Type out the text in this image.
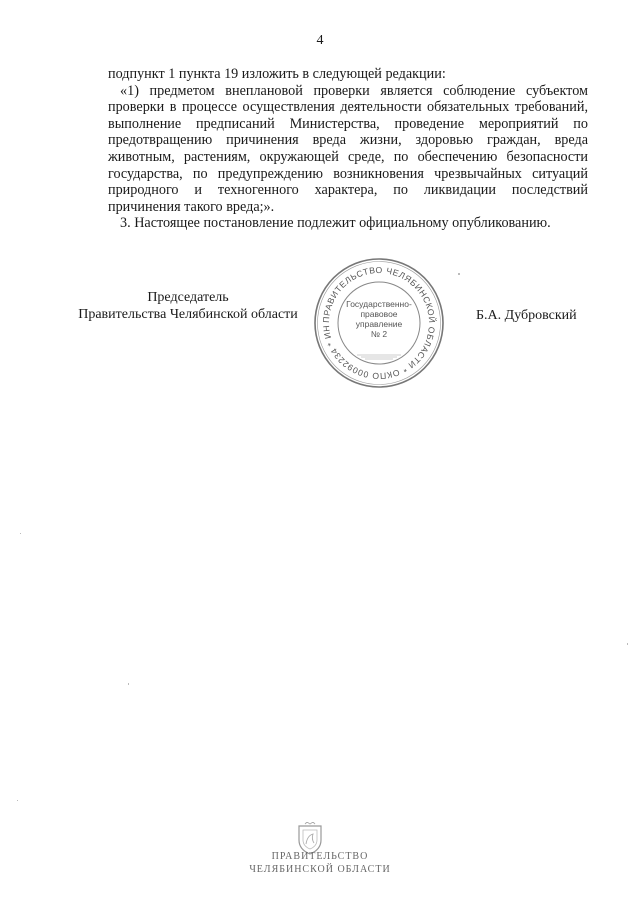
4

подпункт 1 пункта 19 изложить в следующей редакции:

«1) предметом внеплановой проверки является соблюдение субъектом проверки в процессе осуществления деятельности обязательных требований, выполнение предписаний Министерства, проведение мероприятий по предотвращению причинения вреда жизни, здоровью граждан, вреда животным, растениям, окружающей среде, по обеспечению безопасности государства, по предупреждению возникновения чрезвычайных ситуаций природного и техногенного характера, по ликвидации последствий причинения такого вреда;».

3. Настоящее постановление подлежит официальному опубликованию.

Председатель
Правительства Челябинской области	ПРАВИТЕЛЬСТВО ЧЕЛЯБИНСКОЙ ОБЛАСТИ * ОКПО 00092234 * ИН
Государственно-
правовое
управление
№ 2
Б.А. Дубровский
ПРАВИТЕЛЬСТВО
ЧЕЛЯБИНСКОЙ ОБЛАСТИ
